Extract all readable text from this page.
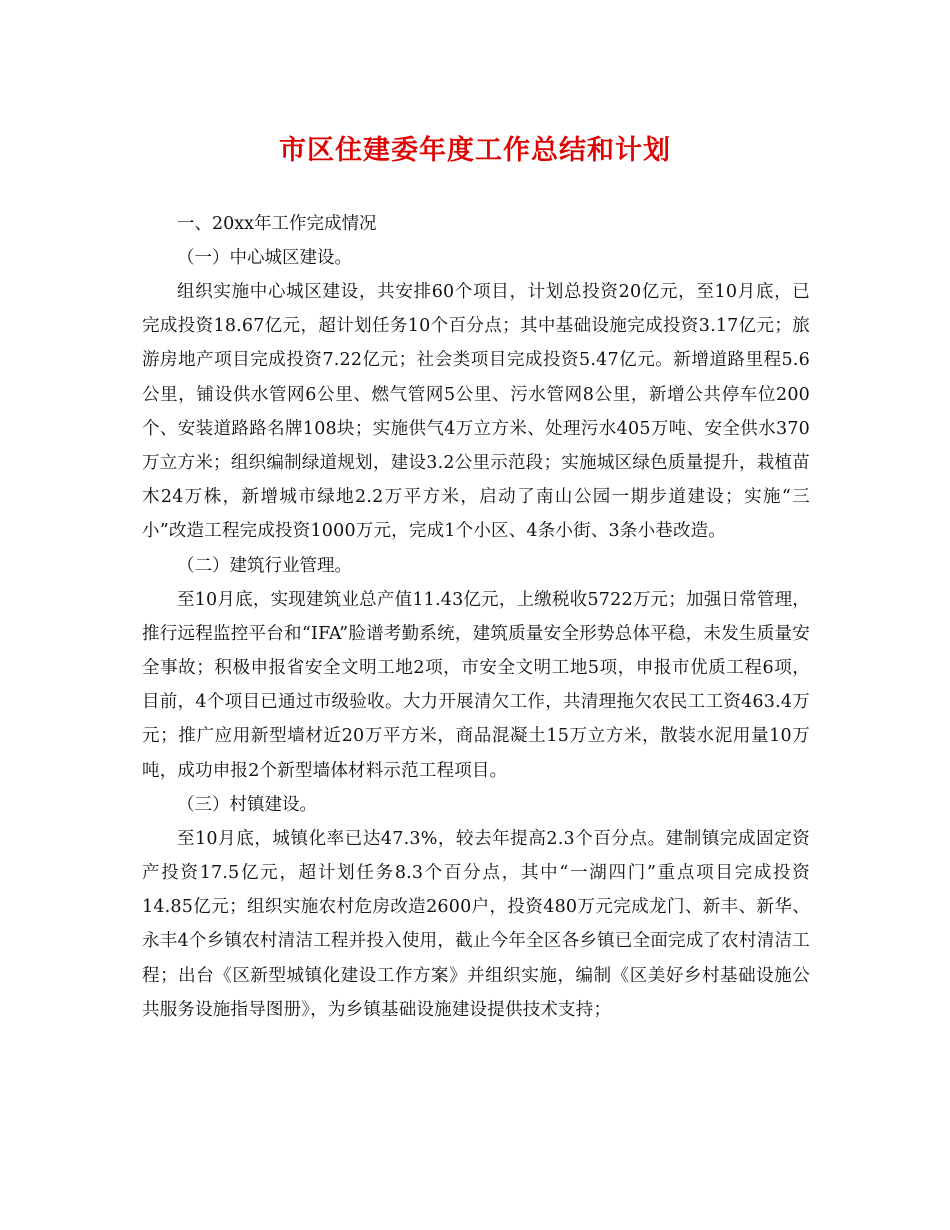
市区住建委年度工作总结和计划

一、20xx年工作完成情况

（一）中心城区建设。

组织实施中心城区建设，共安排60个项目，计划总投资20亿元，至10月底，已完成投资18.67亿元，超计划任务10个百分点；其中基础设施完成投资3.17亿元；旅游房地产项目完成投资7.22亿元；社会类项目完成投资5.47亿元。新增道路里程5.6公里，铺设供水管网6公里、燃气管网5公里、污水管网8公里，新增公共停车位200个、安装道路路名牌108块；实施供气4万立方米、处理污水405万吨、安全供水370万立方米；组织编制绿道规划，建设3.2公里示范段；实施城区绿色质量提升，栽植苗木24万株，新增城市绿地2.2万平方米，启动了南山公园一期步道建设；实施“三小”改造工程完成投资1000万元，完成1个小区、4条小街、3条小巷改造。

（二）建筑行业管理。

至10月底，实现建筑业总产值11.43亿元，上缴税收5722万元；加强日常管理，推行远程监控平台和“IFA”脸谱考勤系统，建筑质量安全形势总体平稳，未发生质量安全事故；积极申报省安全文明工地2项，市安全文明工地5项，申报市优质工程6项，目前，4个项目已通过市级验收。大力开展清欠工作，共清理拖欠农民工工资463.4万元；推广应用新型墙材近20万平方米，商品混凝土15万立方米，散装水泥用量10万吨，成功申报2个新型墙体材料示范工程项目。

（三）村镇建设。

至10月底，城镇化率已达47.3%，较去年提高2.3个百分点。建制镇完成固定资产投资17.5亿元，超计划任务8.3个百分点，其中“一湖四门”重点项目完成投资14.85亿元；组织实施农村危房改造2600户，投资480万元完成龙门、新丰、新华、永丰4个乡镇农村清洁工程并投入使用，截止今年全区各乡镇已全面完成了农村清洁工程；出台《区新型城镇化建设工作方案》并组织实施，编制《区美好乡村基础设施公共服务设施指导图册》，为乡镇基础设施建设提供技术支持；
